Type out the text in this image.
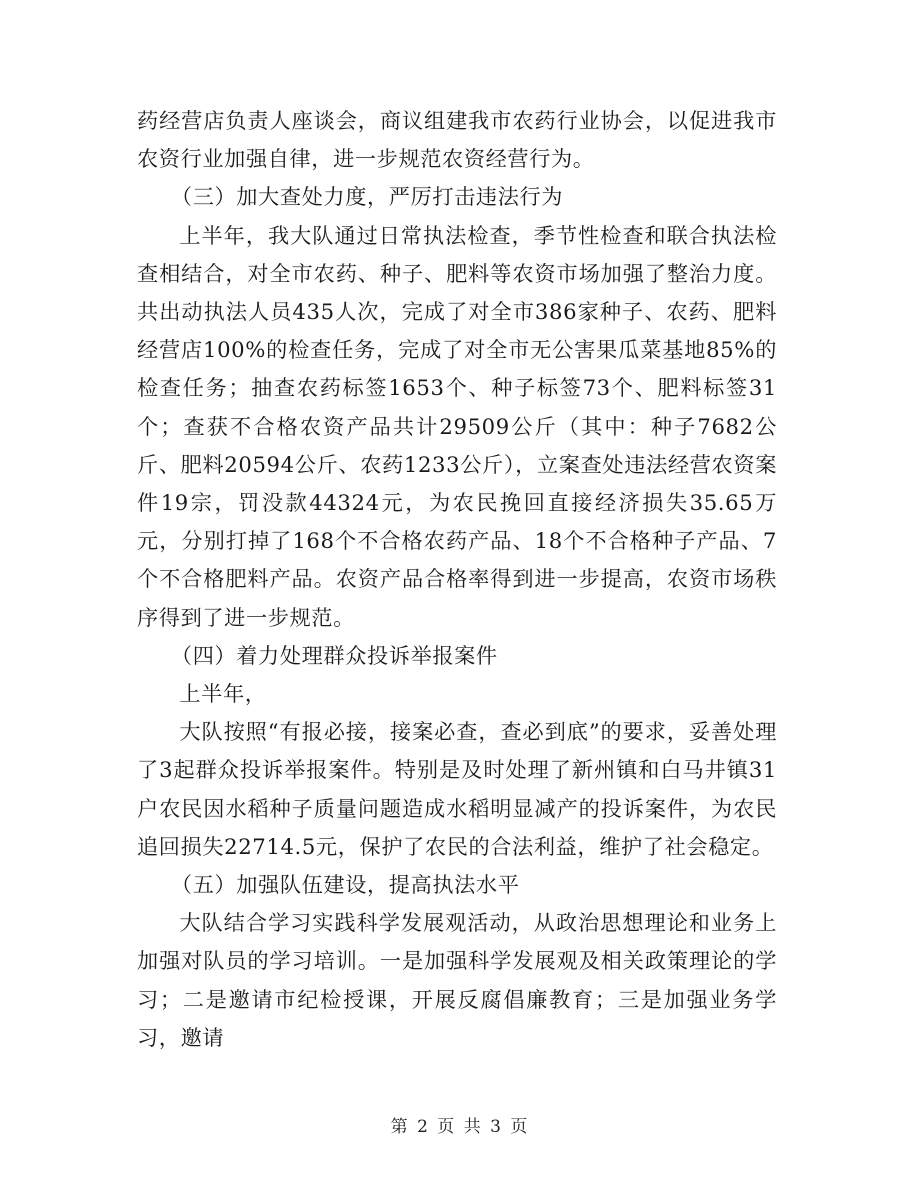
药经营店负责人座谈会，商议组建我市农药行业协会，以促进我市农资行业加强自律，进一步规范农资经营行为。

（三）加大查处力度，严厉打击违法行为

上半年，我大队通过日常执法检查，季节性检查和联合执法检查相结合，对全市农药、种子、肥料等农资市场加强了整治力度。共出动执法人员435人次，完成了对全市386家种子、农药、肥料经营店100%的检查任务，完成了对全市无公害果瓜菜基地85%的检查任务；抽查农药标签1653个、种子标签73个、肥料标签31个；查获不合格农资产品共计29509公斤（其中：种子7682公斤、肥料20594公斤、农药1233公斤），立案查处违法经营农资案件19宗，罚没款44324元，为农民挽回直接经济损失35.65万元，分别打掉了168个不合格农药产品、18个不合格种子产品、7个不合格肥料产品。农资产品合格率得到进一步提高，农资市场秩序得到了进一步规范。

（四）着力处理群众投诉举报案件

上半年，

大队按照“有报必接，接案必查，查必到底”的要求，妥善处理了3起群众投诉举报案件。特别是及时处理了新州镇和白马井镇31户农民因水稻种子质量问题造成水稻明显减产的投诉案件，为农民追回损失22714.5元，保护了农民的合法利益，维护了社会稳定。

（五）加强队伍建设，提高执法水平

大队结合学习实践科学发展观活动，从政治思想理论和业务上加强对队员的学习培训。一是加强科学发展观及相关政策理论的学习；二是邀请市纪检授课，开展反腐倡廉教育；三是加强业务学习，邀请

第 2 页 共 3 页
